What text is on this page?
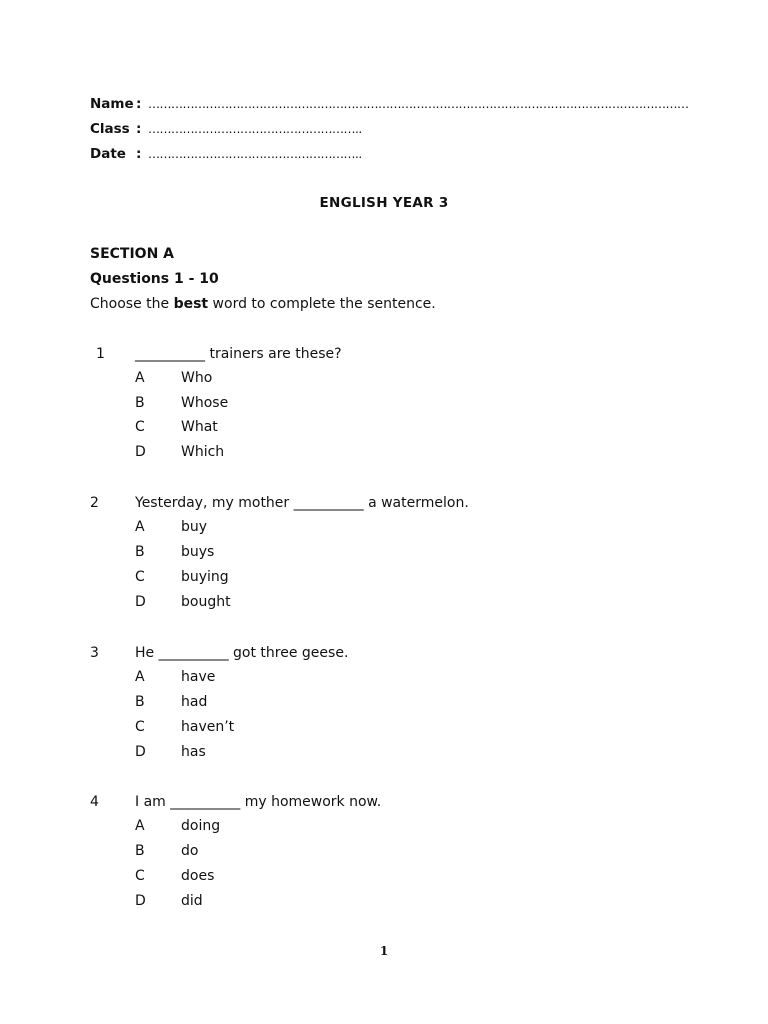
Name : ……………………………………………………………………………………………………………………………
Class : ………………………………………………..
Date : ………………………………………………..
ENGLISH YEAR 3
SECTION A
Questions 1 - 10
Choose the best word to complete the sentence.
1	__________ trainers are these?
A	Who
B	Whose
C	What
D	Which
2	Yesterday, my mother __________ a watermelon.
A	buy
B	buys
C	buying
D	bought
3	He __________ got three geese.
A	have
B	had
C	haven’t
D	has
4	I am __________ my homework now.
A	doing
B	do
C	does
D	did
1
